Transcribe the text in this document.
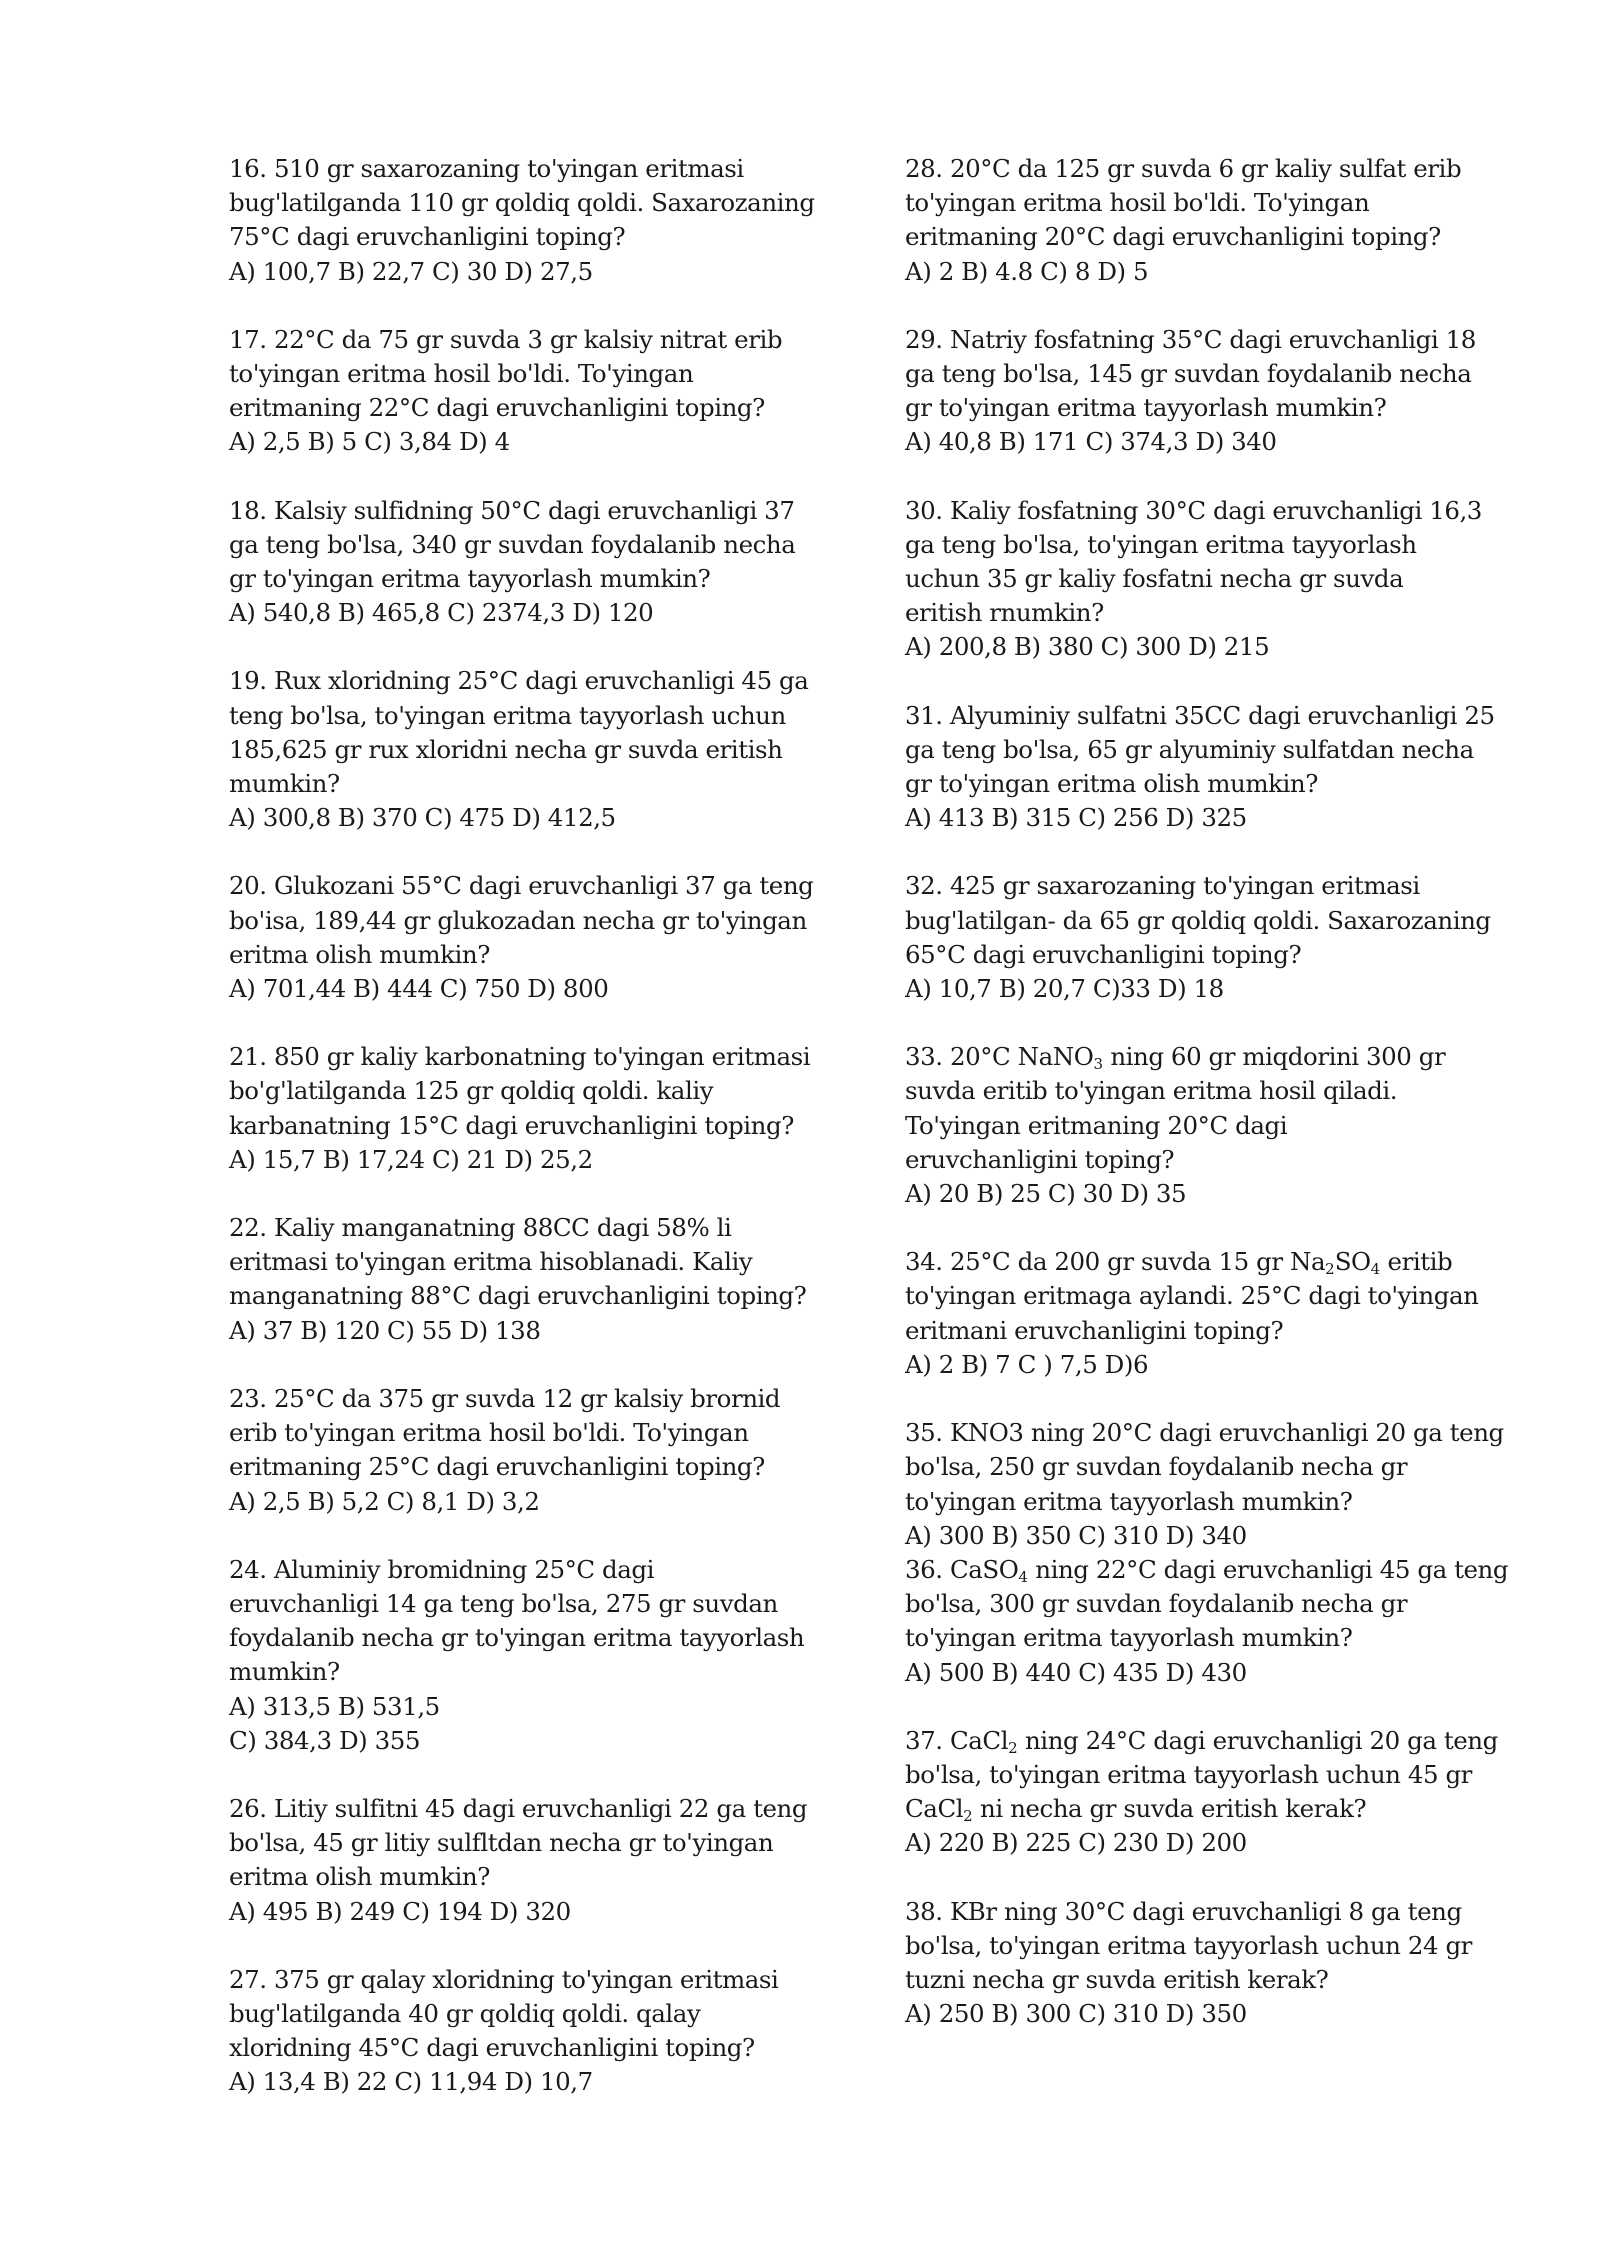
16. 510 gr saxarozaning to'yingan eritmasi
bug'latilganda 110 gr qoldiq qoldi. Saxarozaning
75°C dagi eruvchanligini toping?
A) 100,7 B) 22,7 C) 30 D) 27,5
17. 22°C da 75 gr suvda 3 gr kalsiy nitrat erib
to'yingan eritma hosil bo'ldi. To'yingan
eritmaning 22°C dagi eruvchanligini toping?
A) 2,5 B) 5 C) 3,84 D) 4
18. Kalsiy sulfidning 50°C dagi eruvchanligi 37
ga teng bo'lsa, 340 gr suvdan foydalanib necha
gr to'yingan eritma tayyorlash mumkin?
A) 540,8 B) 465,8 C) 2374,3 D) 120
19. Rux xloridning 25°C dagi eruvchanligi 45 ga
teng bo'lsa, to'yingan eritma tayyorlash uchun
185,625 gr rux xloridni necha gr suvda eritish
mumkin?
A) 300,8 B) 370 C) 475 D) 412,5
20. Glukozani 55°C dagi eruvchanligi 37 ga teng
bo'isa, 189,44 gr glukozadan necha gr to'yingan
eritma olish mumkin?
A) 701,44 B) 444 C) 750 D) 800
21. 850 gr kaliy karbonatning to'yingan eritmasi
bo'g'latilganda 125 gr qoldiq qoldi. kaliy
karbanatning 15°C dagi eruvchanligini toping?
A) 15,7 B) 17,24 C) 21 D) 25,2
22. Kaliy manganatning 88CC dagi 58% li
eritmasi to'yingan eritma hisoblanadi. Kaliy
manganatning 88°C dagi eruvchanligini toping?
A) 37 B) 120 C) 55 D) 138
23. 25°C da 375 gr suvda 12 gr kalsiy brornid
erib to'yingan eritma hosil bo'ldi. To'yingan
eritmaning 25°C dagi eruvchanligini toping?
A) 2,5 B) 5,2 C) 8,1 D) 3,2
24. Aluminiy bromidning 25°C dagi
eruvchanligi 14 ga teng bo'lsa, 275 gr suvdan
foydalanib necha gr to'yingan eritma tayyorlash
mumkin?
A) 313,5 B) 531,5
C) 384,3 D) 355
26. Litiy sulfitni 45 dagi eruvchanligi 22 ga teng
bo'lsa, 45 gr litiy sulfltdan necha gr to'yingan
eritma olish mumkin?
A) 495 B) 249 C) 194 D) 320
27. 375 gr qalay xloridning to'yingan eritmasi
bug'latilganda 40 gr qoldiq qoldi. qalay
xloridning 45°C dagi eruvchanligini toping?
A) 13,4 B) 22 C) 11,94 D) 10,7
28. 20°C da 125 gr suvda 6 gr kaliy sulfat erib
to'yingan eritma hosil bo'ldi. To'yingan
eritmaning 20°C dagi eruvchanligini toping?
A) 2 B) 4.8 C) 8 D) 5
29. Natriy fosfatning 35°C dagi eruvchanligi 18
ga teng bo'lsa, 145 gr suvdan foydalanib necha
gr to'yingan eritma tayyorlash mumkin?
A) 40,8 B) 171 C) 374,3 D) 340
30. Kaliy fosfatning 30°C dagi eruvchanligi 16,3
ga teng bo'lsa, to'yingan eritma tayyorlash
uchun 35 gr kaliy fosfatni necha gr suvda
eritish rnumkin?
A) 200,8 B) 380 C) 300 D) 215
31. Alyuminiy sulfatni 35CC dagi eruvchanligi 25
ga teng bo'lsa, 65 gr alyuminiy sulfatdan necha
gr to'yingan eritma olish mumkin?
A) 413 B) 315 C) 256 D) 325
32. 425 gr saxarozaning to'yingan eritmasi
bug'latilgan- da 65 gr qoldiq qoldi. Saxarozaning
65°C dagi eruvchanligini toping?
A) 10,7 B) 20,7 C)33 D) 18
33. 20°C NaNO$_3$ ning 60 gr miqdorini 300 gr
suvda eritib to'yingan eritma hosil qiladi.
To'yingan eritmaning 20°C dagi
eruvchanligini toping?
A) 20 B) 25 C) 30 D) 35
34. 25°C da 200 gr suvda 15 gr $Na_2SO_4$ eritib
to'yingan eritmaga aylandi. 25°C dagi to'yingan
eritmani eruvchanligini toping?
A) 2 B) 7 C ) 7,5 D)6
35. KNO3 ning 20°C dagi eruvchanligi 20 ga teng
bo'lsa, 250 gr suvdan foydalanib necha gr
to'yingan eritma tayyorlash mumkin?
A) 300 B) 350 C) 310 D) 340
36. CaSO$_4$ ning 22°C dagi eruvchanligi 45 ga teng
bo'lsa, 300 gr suvdan foydalanib necha gr
to'yingan eritma tayyorlash mumkin?
A) 500 B) 440 C) 435 D) 430
37. CaCl$_2$ ning 24°C dagi eruvchanligi 20 ga teng
bo'lsa, to'yingan eritma tayyorlash uchun 45 gr
CaCl$_2$ ni necha gr suvda eritish kerak?
A) 220 B) 225 C) 230 D) 200
38. KBr ning 30°C dagi eruvchanligi 8 ga teng
bo'lsa, to'yingan eritma tayyorlash uchun 24 gr
tuzni necha gr suvda eritish kerak?
A) 250 B) 300 C) 310 D) 350
